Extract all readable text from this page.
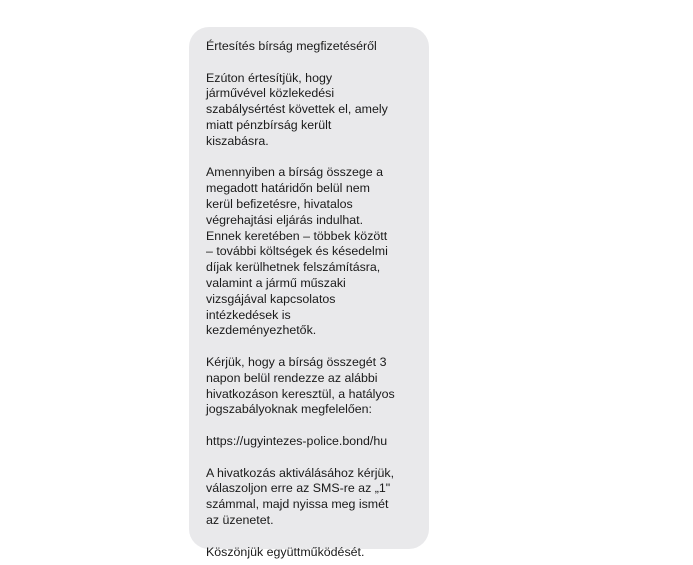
Értesítés bírság megfizetéséről

Ezúton értesítjük, hogy
járművével közlekedési
szabálysértést követtek el, amely
miatt pénzbírság került
kiszabásra.

Amennyiben a bírság összege a
megadott határidőn belül nem
kerül befizetésre, hivatalos
végrehajtási eljárás indulhat.
Ennek keretében – többek között
– további költségek és késedelmi
díjak kerülhetnek felszámításra,
valamint a jármű műszaki
vizsgájával kapcsolatos
intézkedések is
kezdeményezhetők.

Kérjük, hogy a bírság összegét 3
napon belül rendezze az alábbi
hivatkozáson keresztül, a hatályos
jogszabályoknak megfelelően:

https://ugyintezes-police.bond/hu

A hivatkozás aktiválásához kérjük,
válaszoljon erre az SMS-re az „1"
számmal, majd nyissa meg ismét
az üzenetet.

Köszönjük együttműködését.
